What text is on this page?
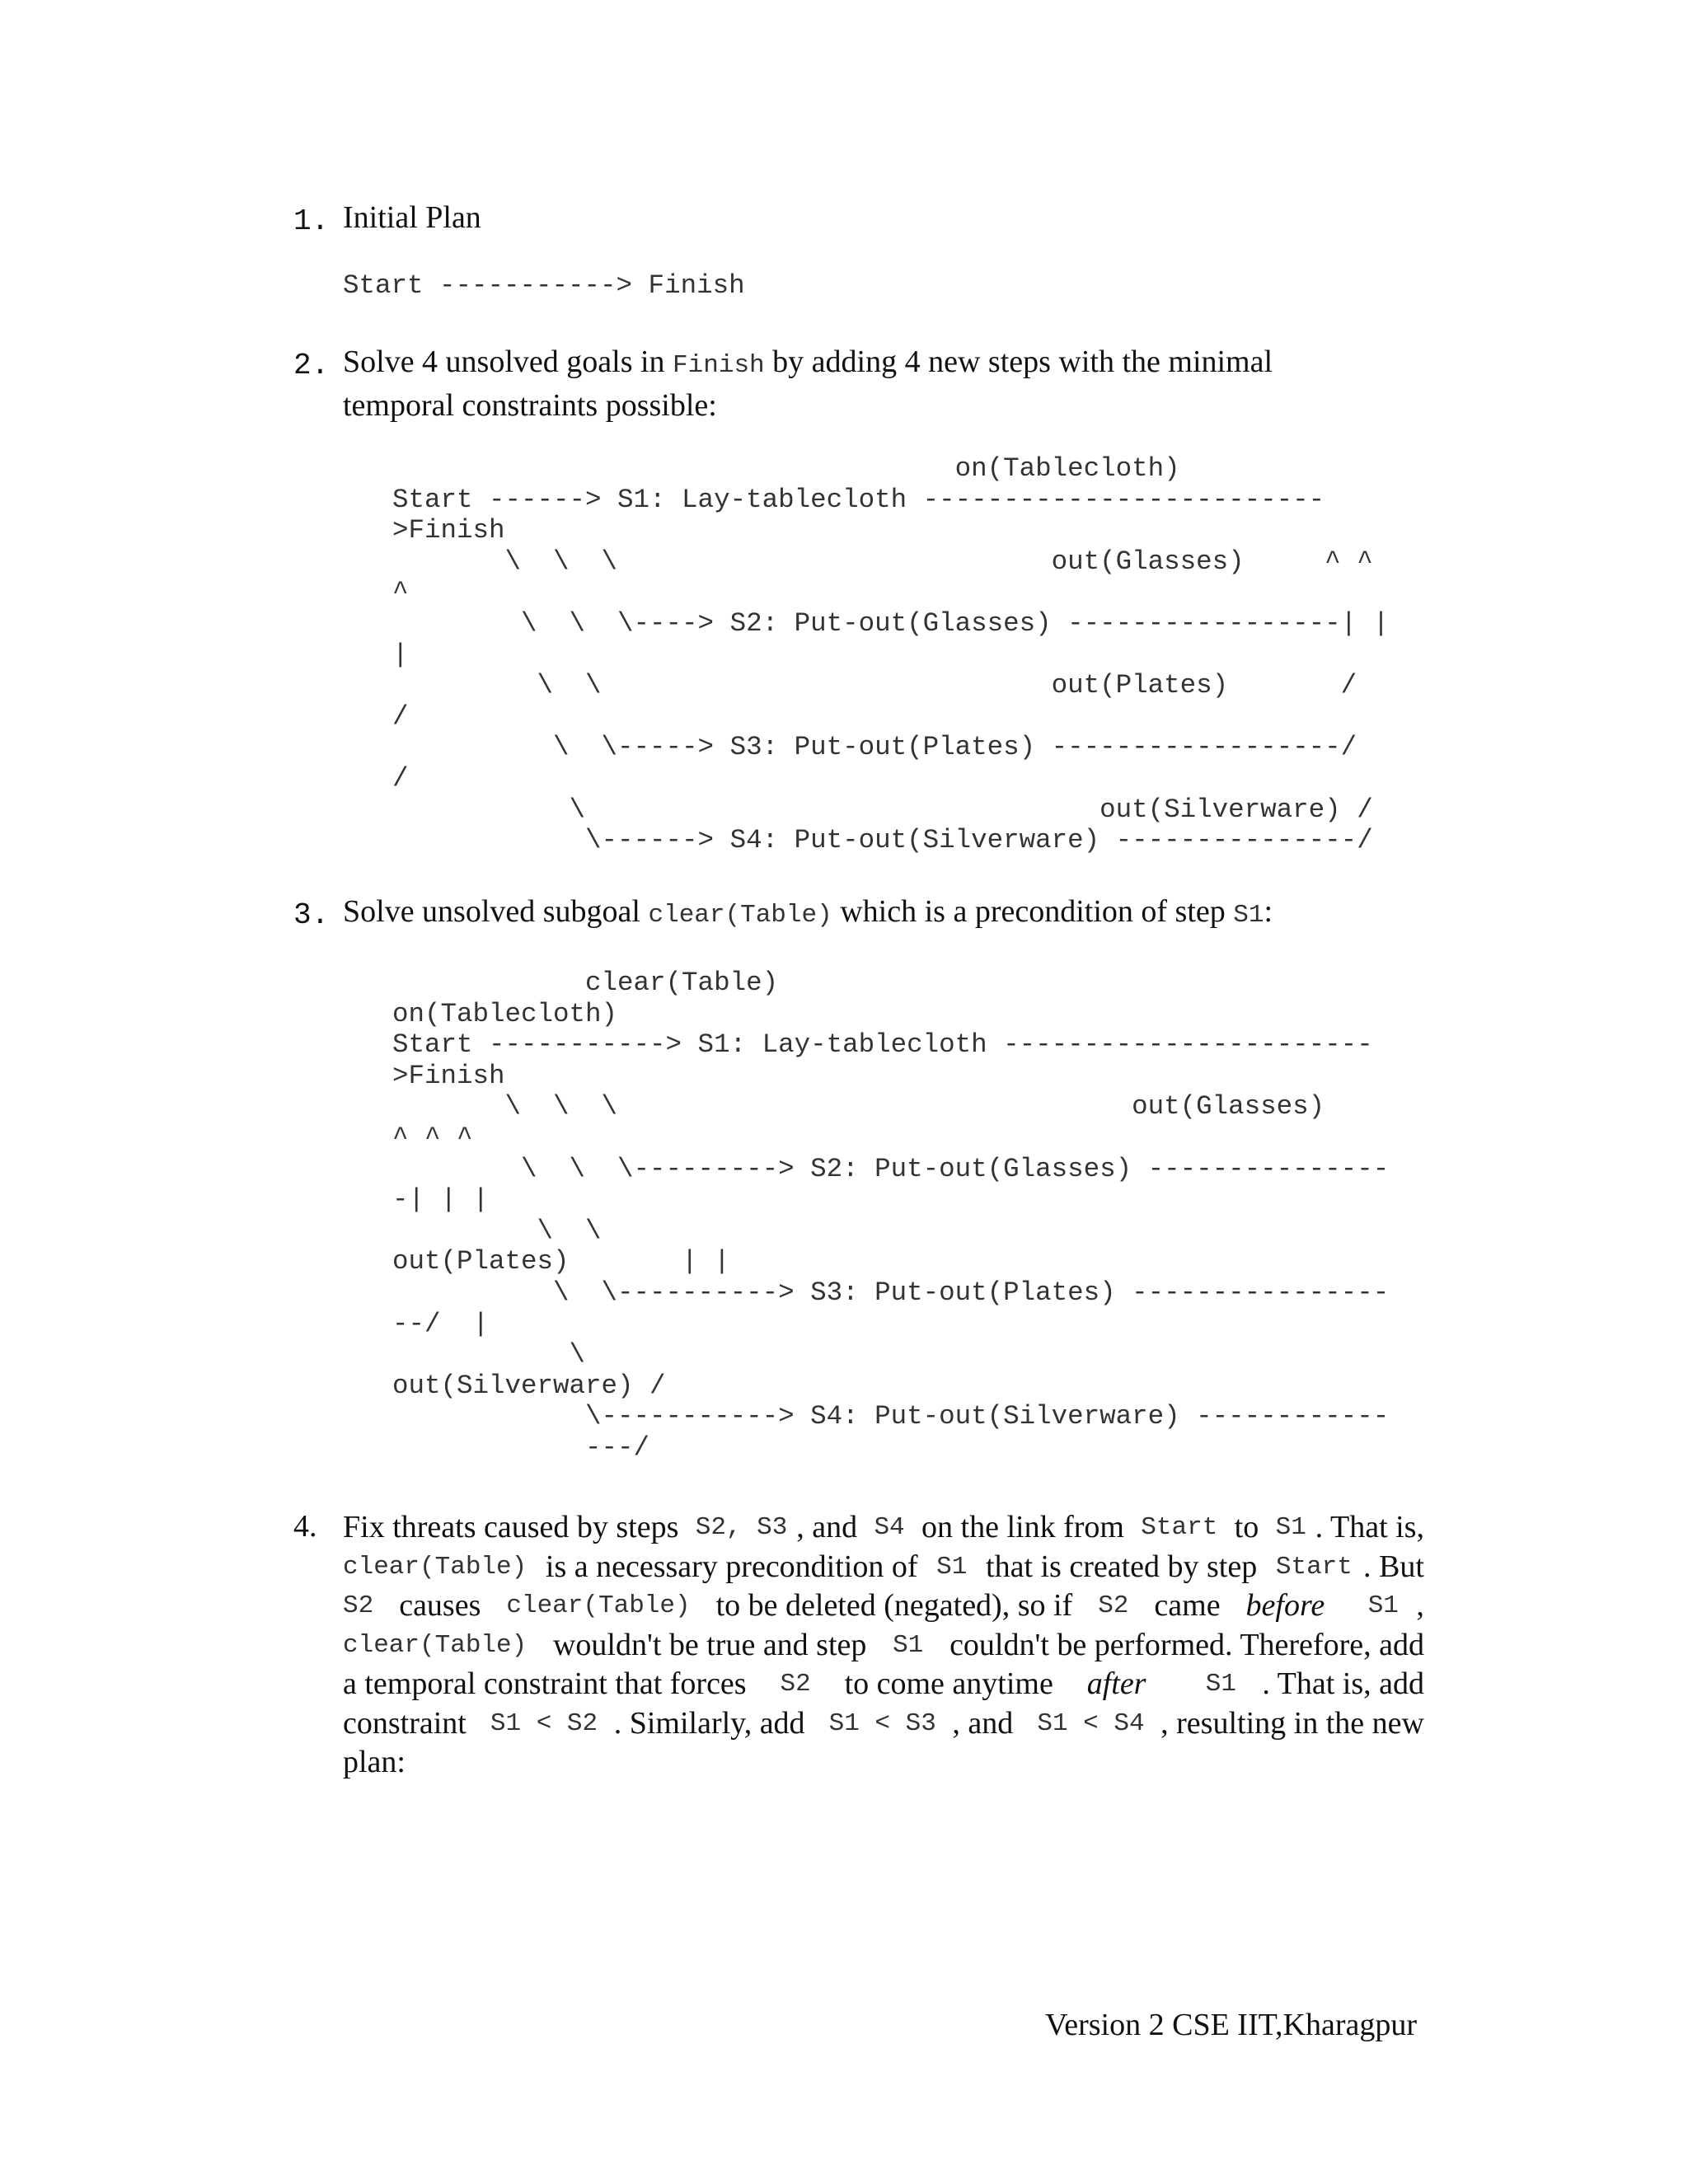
1. Initial Plan
Start -----------> Finish
2. Solve 4 unsolved goals in Finish by adding 4 new steps with the minimal
temporal constraints possible:
on(Tablecloth)
Start ------> S1: Lay-tablecloth -------------------------
>Finish
\  \  \                           out(Glasses)     ^ ^
^
\  \  \----> S2: Put-out(Glasses) -----------------| |
|
\  \                            out(Plates)       /
/
\  \-----> S3: Put-out(Plates) ------------------/
/
\                                out(Silverware) /
\------> S4: Put-out(Silverware) ---------------/
3. Solve unsolved subgoal clear(Table) which is a precondition of step S1:
clear(Table)
on(Tablecloth)
Start -----------> S1: Lay-tablecloth -----------------------
>Finish
\  \  \                                out(Glasses)
^ ^ ^
\  \  \---------> S2: Put-out(Glasses) ---------------
-| | |
\  \
out(Plates)       | |
\  \----------> S3: Put-out(Plates) ----------------
--/  |
\
out(Silverware) /
\-----------> S4: Put-out(Silverware) ------------
---/
4. Fix threats caused by steps S2, S3 , and S4 on the link from Start to S1 . That is,
clear(Table) is a necessary precondition of S1 that is created by step Start . But
S2 causes clear(Table) to be deleted (negated), so if S2 came before
S1 ,
clear(Table) wouldn't be true and step S1 couldn't be performed. Therefore, add
a temporal constraint that forces S2 to come anytime after
S1 . That is, add
constraint S1 < S2 . Similarly, add S1 < S3 , and S1 < S4 , resulting in the new
plan:
Version 2 CSE IIT,Kharagpur
